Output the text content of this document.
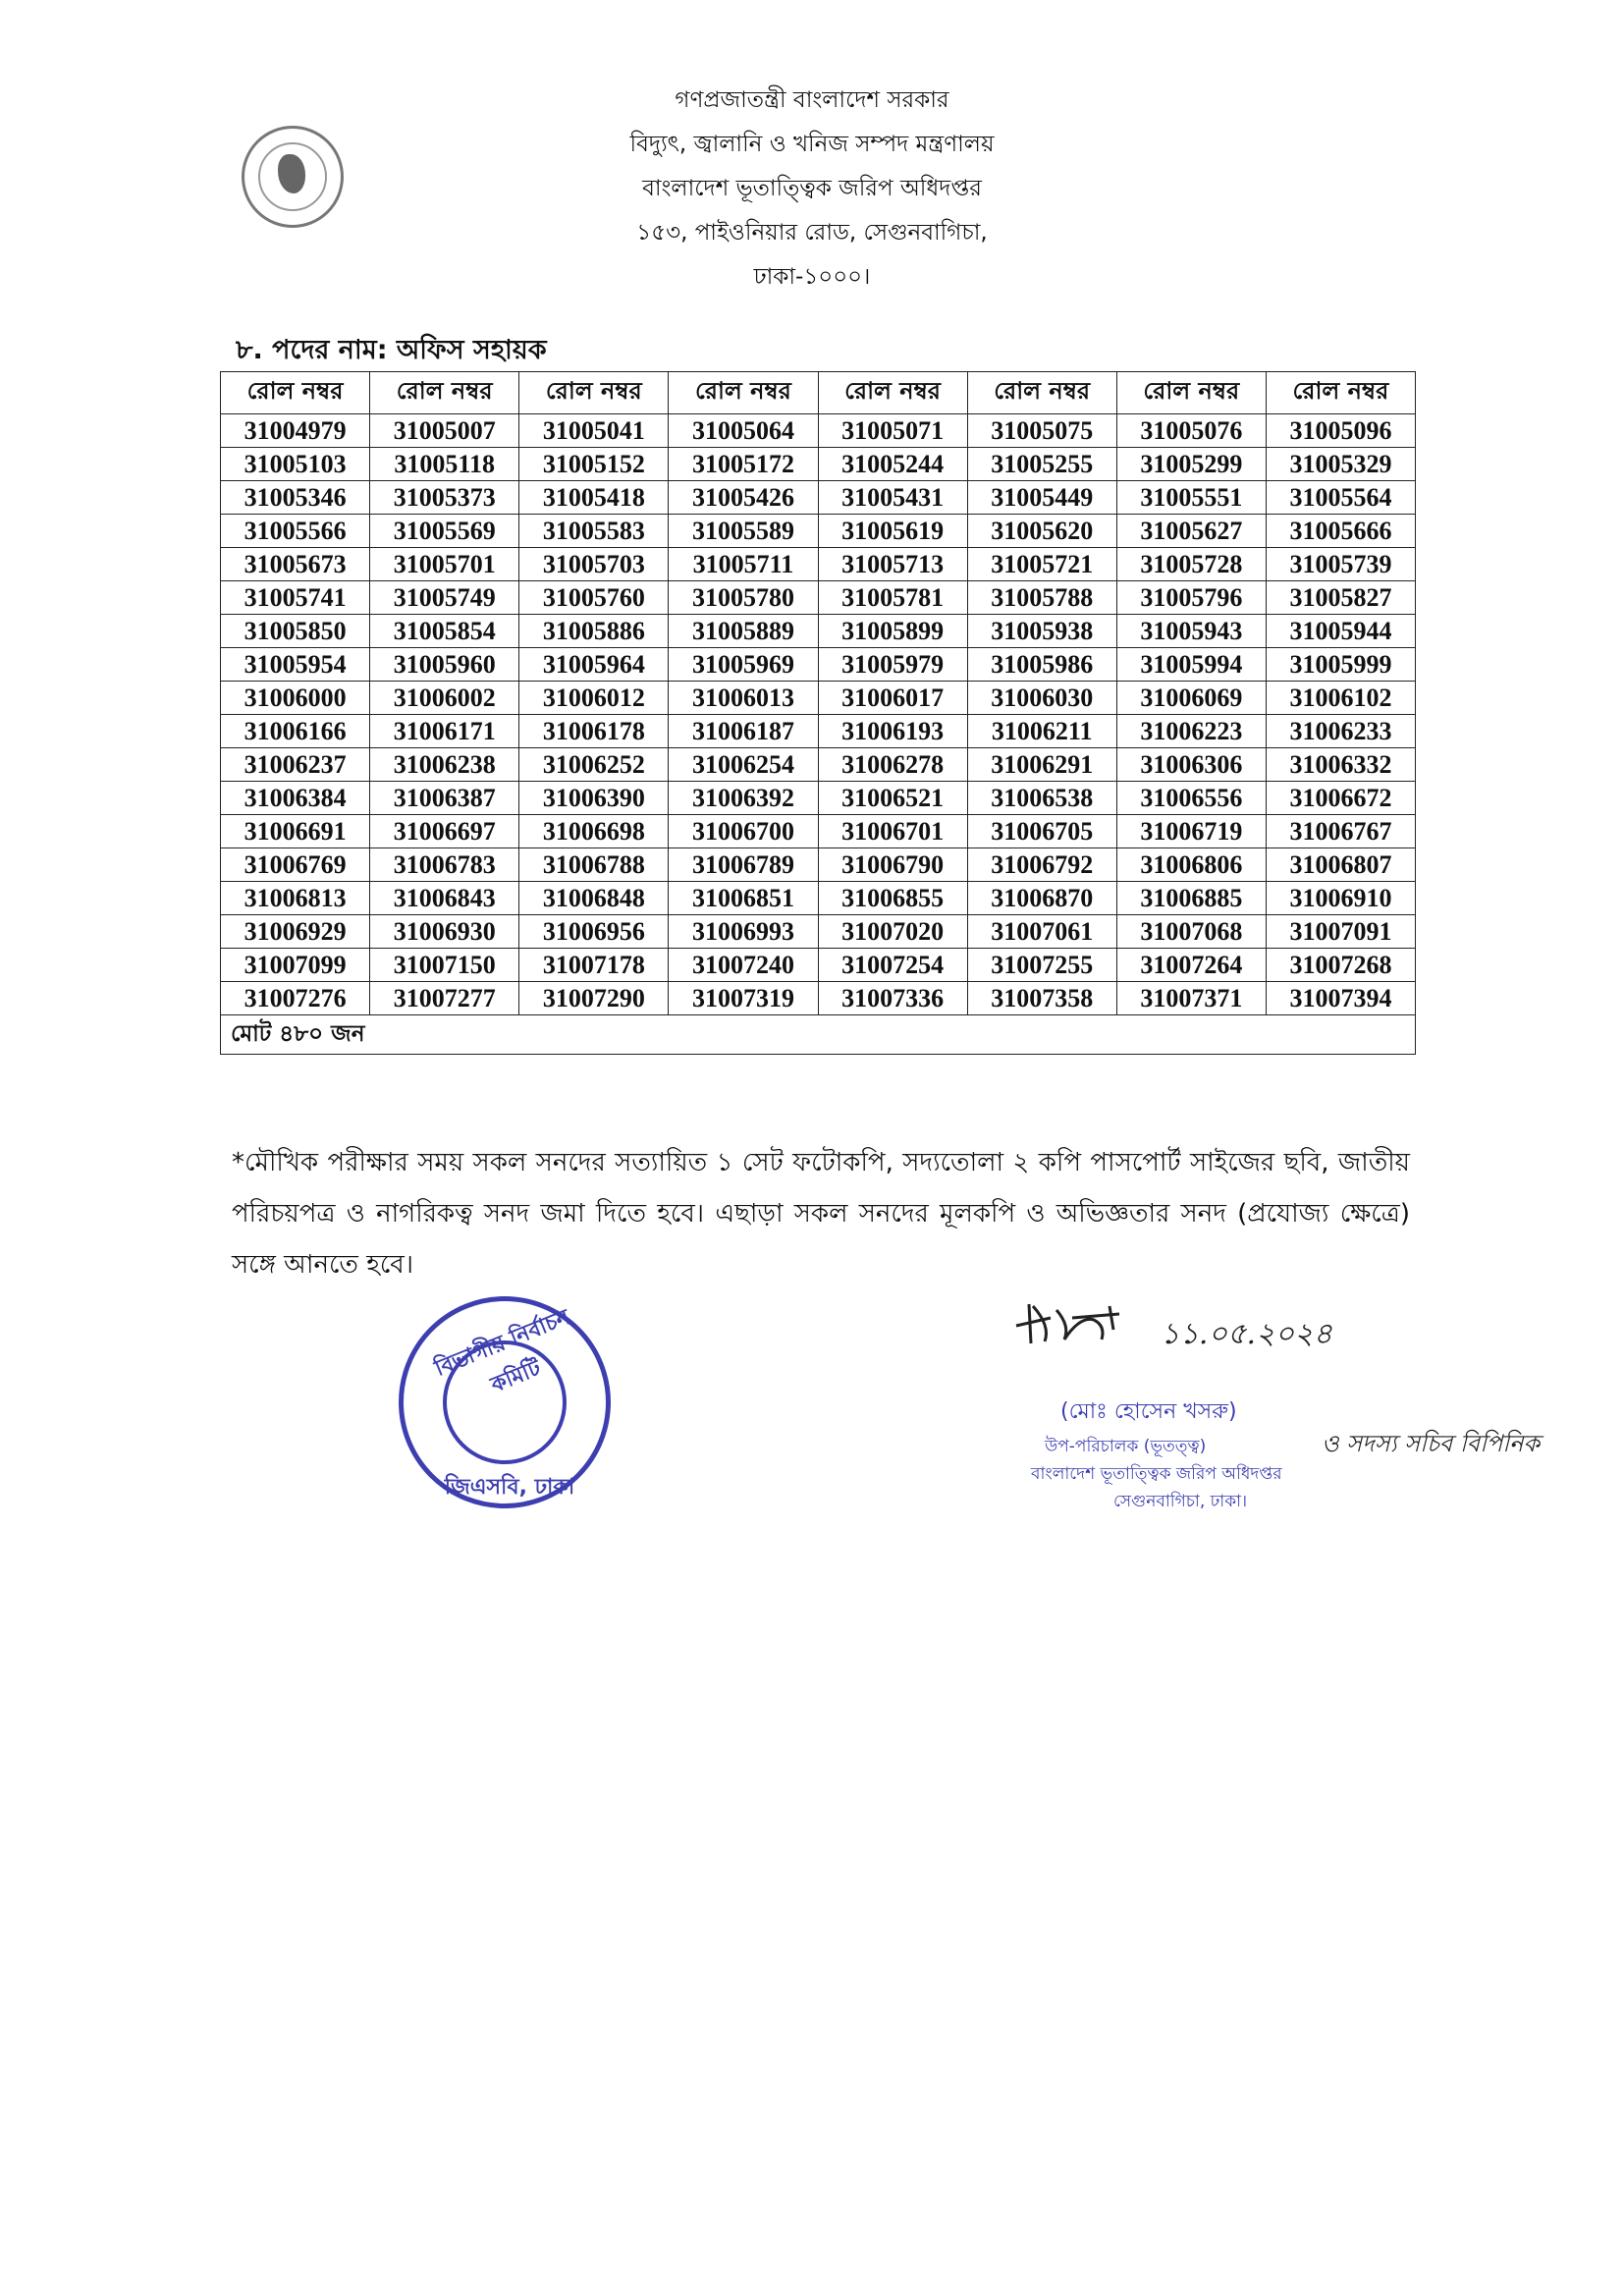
গণপ্রজাতন্ত্রী বাংলাদেশ সরকার
বিদ্যুৎ, জ্বালানি ও খনিজ সম্পদ মন্ত্রণালয়
বাংলাদেশ ভূতাত্ত্বিক জরিপ অধিদপ্তর
১৫৩, পাইওনিয়ার রোড, সেগুনবাগিচা,
ঢাকা-১০০০।
৮. পদের নাম: অফিস সহায়ক
রোল নম্বর	রোল নম্বর	রোল নম্বর	রোল নম্বর	রোল নম্বর	রোল নম্বর	রোল নম্বর	রোল নম্বর
31004979	31005007	31005041	31005064	31005071	31005075	31005076	31005096
31005103	31005118	31005152	31005172	31005244	31005255	31005299	31005329
31005346	31005373	31005418	31005426	31005431	31005449	31005551	31005564
31005566	31005569	31005583	31005589	31005619	31005620	31005627	31005666
31005673	31005701	31005703	31005711	31005713	31005721	31005728	31005739
31005741	31005749	31005760	31005780	31005781	31005788	31005796	31005827
31005850	31005854	31005886	31005889	31005899	31005938	31005943	31005944
31005954	31005960	31005964	31005969	31005979	31005986	31005994	31005999
31006000	31006002	31006012	31006013	31006017	31006030	31006069	31006102
31006166	31006171	31006178	31006187	31006193	31006211	31006223	31006233
31006237	31006238	31006252	31006254	31006278	31006291	31006306	31006332
31006384	31006387	31006390	31006392	31006521	31006538	31006556	31006672
31006691	31006697	31006698	31006700	31006701	31006705	31006719	31006767
31006769	31006783	31006788	31006789	31006790	31006792	31006806	31006807
31006813	31006843	31006848	31006851	31006855	31006870	31006885	31006910
31006929	31006930	31006956	31006993	31007020	31007061	31007068	31007091
31007099	31007150	31007178	31007240	31007254	31007255	31007264	31007268
31007276	31007277	31007290	31007319	31007336	31007358	31007371	31007394
মোট ৪৮০ জন							
*মৌখিক পরীক্ষার সময় সকল সনদের সত্যায়িত ১ সেট ফটোকপি, সদ্যতোলা ২ কপি পাসপোর্ট সাইজের ছবি, জাতীয় পরিচয়পত্র ও নাগরিকত্ব সনদ জমা দিতে হবে। এছাড়া সকল সনদের মূলকপি ও অভিজ্ঞতার সনদ (প্রযোজ্য ক্ষেত্রে) সঙ্গে আনতে হবে।
বিভাগীয় নির্বাচন কমিটি
জিএসবি, ঢাকা
১১.০৫.২০২৪
(মোঃ হোসেন খসরু)
উপ-পরিচালক (ভূতত্ত্ব)	ও সদস্য সচিব বিপিনিক
বাংলাদেশ ভূতাত্ত্বিক জরিপ অধিদপ্তর
সেগুনবাগিচা, ঢাকা।
